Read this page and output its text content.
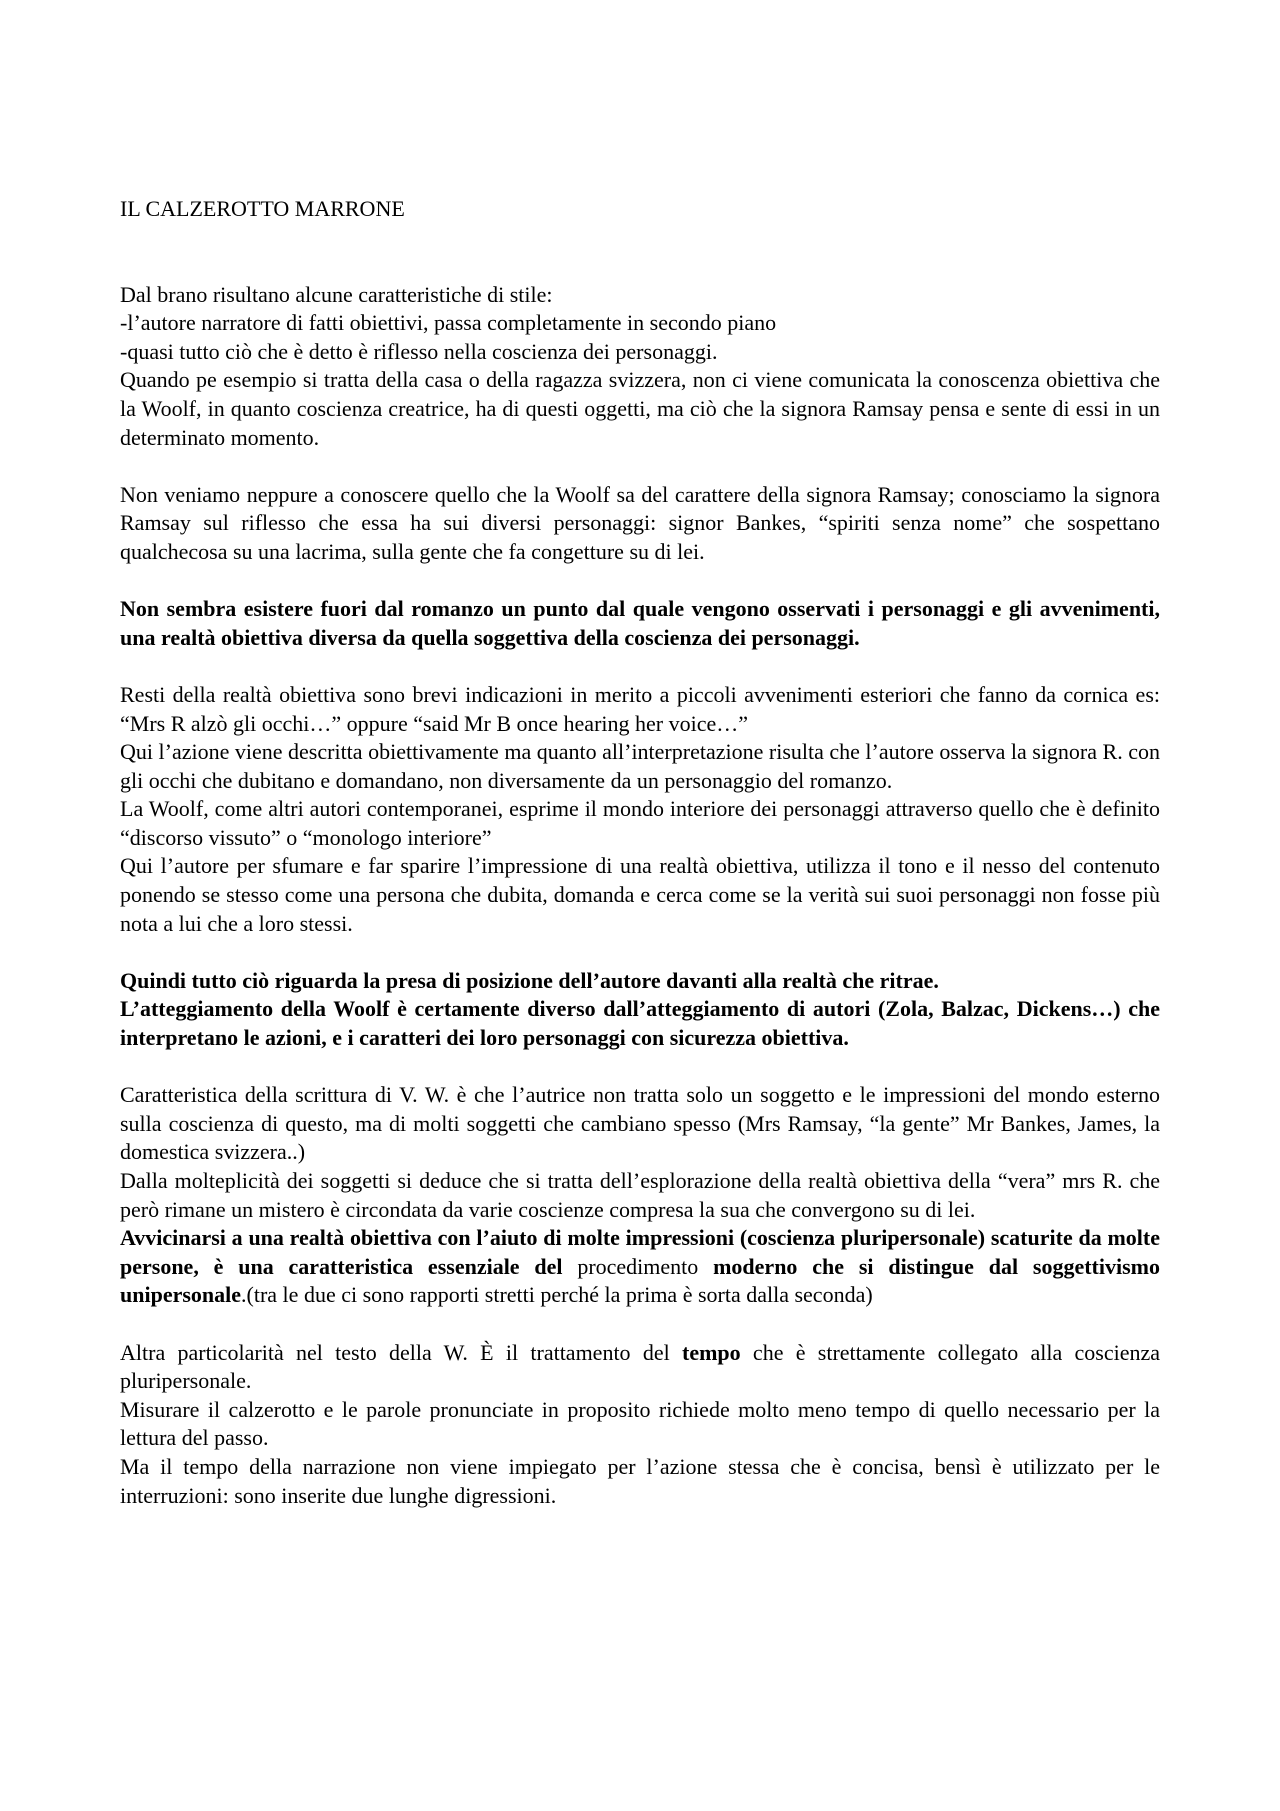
IL CALZEROTTO MARRONE

Dal brano risultano alcune caratteristiche di stile:

-l’autore narratore di fatti obiettivi, passa completamente in secondo piano

-quasi tutto ciò che è detto è riflesso nella coscienza dei personaggi.

Quando pe esempio si tratta della casa o della ragazza svizzera, non ci viene comunicata la conoscenza obiettiva che la Woolf, in quanto coscienza creatrice, ha di questi oggetti, ma ciò che la signora Ramsay pensa e sente di essi in un determinato momento.

Non veniamo neppure a conoscere quello che la Woolf sa del carattere della signora Ramsay; conosciamo la signora Ramsay sul riflesso che essa ha sui diversi personaggi: signor Bankes, “spiriti senza nome” che sospettano qualchecosa su una lacrima, sulla gente che fa congetture su di lei.

Non sembra esistere fuori dal romanzo un punto dal quale vengono osservati i personaggi e gli avvenimenti, una realtà obiettiva diversa da quella soggettiva della coscienza dei personaggi.

Resti della realtà obiettiva sono brevi indicazioni in merito a piccoli avvenimenti esteriori che fanno da cornica es: “Mrs R alzò gli occhi…” oppure “said Mr B once hearing her voice…”

Qui l’azione viene descritta obiettivamente ma quanto all’interpretazione risulta che l’autore osserva la signora R. con gli occhi che dubitano e domandano, non diversamente da un personaggio del romanzo.

La Woolf, come altri autori contemporanei, esprime il mondo interiore dei personaggi attraverso quello che è definito “discorso vissuto” o “monologo interiore”

Qui l’autore per sfumare e far sparire l’impressione di una realtà obiettiva, utilizza il tono e il nesso del contenuto ponendo se stesso come una persona che dubita, domanda e cerca come se la verità sui suoi personaggi non fosse più nota a lui che a loro stessi.

Quindi tutto ciò riguarda la presa di posizione dell’autore davanti alla realtà che ritrae.

L’atteggiamento della Woolf è certamente diverso dall’atteggiamento di autori (Zola, Balzac, Dickens…) che interpretano le azioni, e i caratteri dei loro personaggi con sicurezza obiettiva.

Caratteristica della scrittura di V. W. è che l’autrice non tratta solo un soggetto e le impressioni del mondo esterno sulla coscienza di questo, ma di molti soggetti che cambiano spesso (Mrs Ramsay, “la gente” Mr Bankes, James, la domestica svizzera..)

Dalla molteplicità dei soggetti si deduce che si tratta dell’esplorazione della realtà obiettiva della “vera” mrs R. che però rimane un mistero è circondata da varie coscienze compresa la sua che convergono su di lei.

Avvicinarsi a una realtà obiettiva con l’aiuto di molte impressioni (coscienza pluripersonale) scaturite da molte persone, è una caratteristica essenziale del procedimento moderno che si distingue dal soggettivismo unipersonale.(tra le due ci sono rapporti stretti perché la prima è sorta dalla seconda)

Altra particolarità nel testo della W. È il trattamento del tempo che è strettamente collegato alla coscienza pluripersonale.

Misurare il calzerotto e le parole pronunciate in proposito richiede molto meno tempo di quello necessario per la lettura del passo.

Ma il tempo della narrazione non viene impiegato per l’azione stessa che è concisa, bensì è utilizzato per le interruzioni: sono inserite due lunghe digressioni.
